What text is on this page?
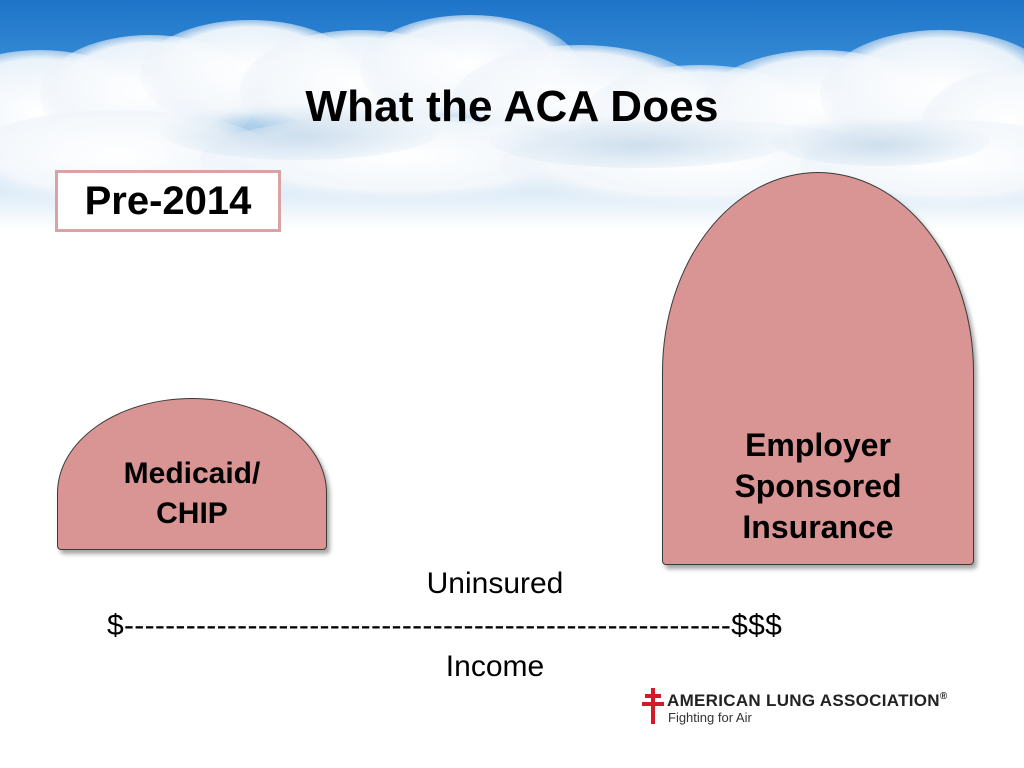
What the ACA Does
Pre-2014
Medicaid/
CHIP
Employer
Sponsored
Insurance
Uninsured
$-----------------------------------------------------------$$$
Income
AMERICAN LUNG ASSOCIATION®
Fighting for Air
